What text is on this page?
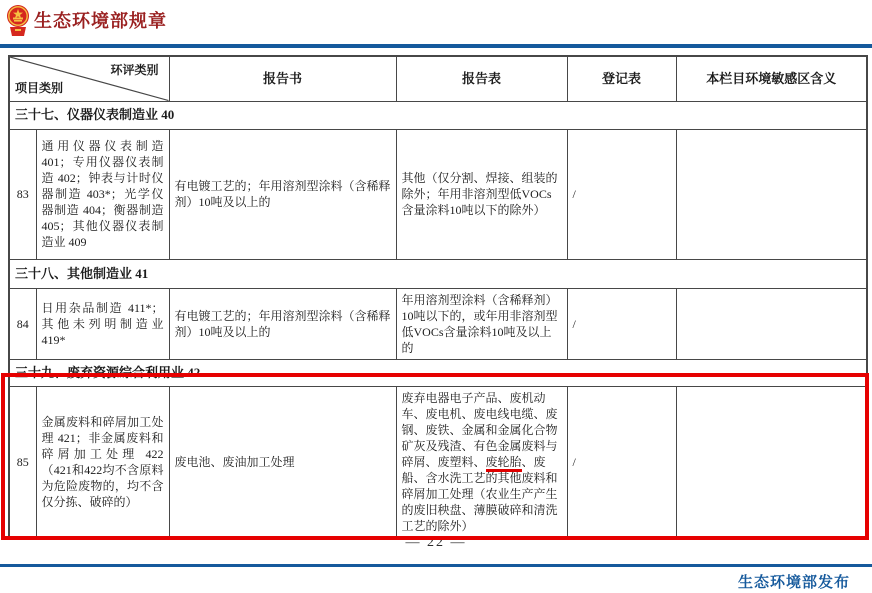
生态环境部规章
环评类别
项目类别		报告书	报告表	登记表	本栏目环境敏感区含义
三十七、仪器仪表制造业 40					
83	通用仪器仪表制造 401；专用仪器仪表制造 402；钟表与计时仪器制造 403*；光学仪器制造 404；衡器制造 405；其他仪器仪表制造业 409	有电镀工艺的；年用溶剂型涂料（含稀释剂）10吨及以上的	其他（仅分割、焊接、组装的除外；年用非溶剂型低VOCs含量涂料10吨以下的除外）	/	
三十八、其他制造业 41					
84	日用杂品制造 411*；其他未列明制造业 419*	有电镀工艺的；年用溶剂型涂料（含稀释剂）10吨及以上的	年用溶剂型涂料（含稀释剂）10吨以下的，或年用非溶剂型低VOCs含量涂料10吨及以上的	/	
三十九、废弃资源综合利用业 42					
85	金属废料和碎屑加工处理 421；非金属废料和碎屑加工处理 422（421和422均不含原料为危险废物的，均不含仅分拣、破碎的）	废电池、废油加工处理	废弃电器电子产品、废机动车、废电机、废电线电缆、废钢、废铁、金属和金属化合物矿灰及残渣、有色金属废料与碎屑、废塑料、废轮胎、废船、含水洗工艺的其他废料和碎屑加工处理（农业生产产生的废旧秧盘、薄膜破碎和清洗工艺的除外）	/	
— 22 —
生态环境部发布
